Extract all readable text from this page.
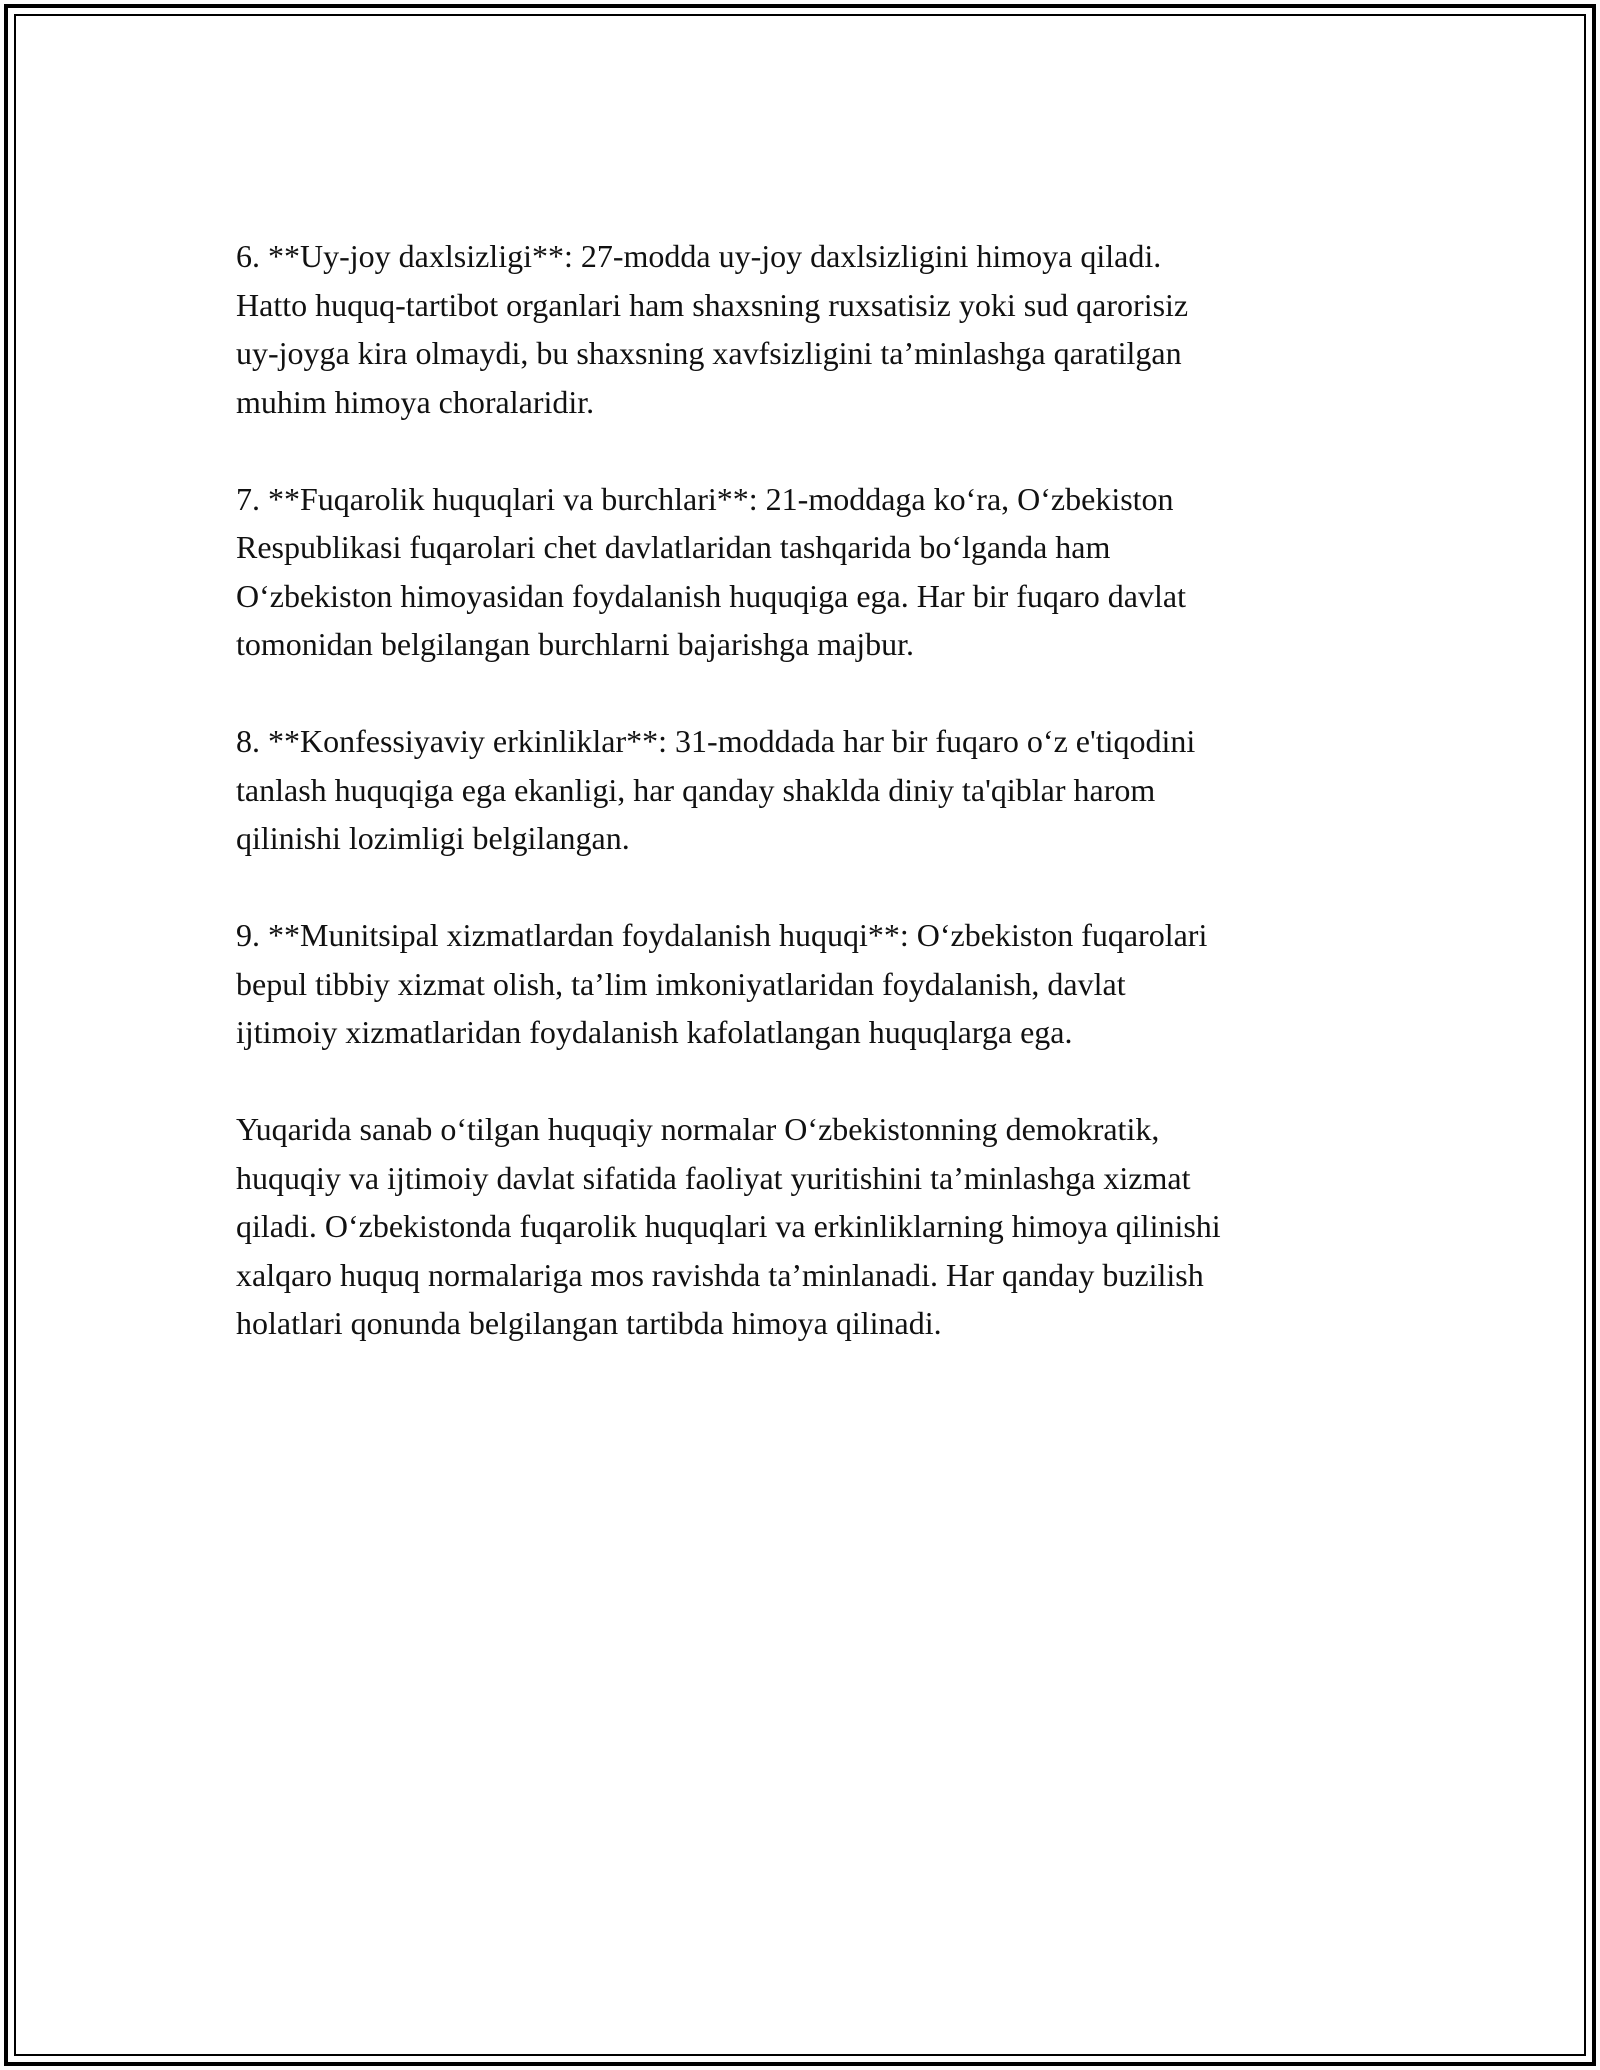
6. **Uy-joy daxlsizligi**: 27-modda uy-joy daxlsizligini himoya qiladi.
Hatto huquq-tartibot organlari ham shaxsning ruxsatisiz yoki sud qarorisiz
uy-joyga kira olmaydi, bu shaxsning xavfsizligini ta’minlashga qaratilgan
muhim himoya choralaridir.

7. **Fuqarolik huquqlari va burchlari**: 21-moddaga koʻra, Oʻzbekiston
Respublikasi fuqarolari chet davlatlaridan tashqarida boʻlganda ham
Oʻzbekiston himoyasidan foydalanish huquqiga ega. Har bir fuqaro davlat
tomonidan belgilangan burchlarni bajarishga majbur.

8. **Konfessiyaviy erkinliklar**: 31-moddada har bir fuqaro oʻz e'tiqodini
tanlash huquqiga ega ekanligi, har qanday shaklda diniy ta'qiblar harom
qilinishi lozimligi belgilangan.

9. **Munitsipal xizmatlardan foydalanish huquqi**: Oʻzbekiston fuqarolari
bepul tibbiy xizmat olish, ta’lim imkoniyatlaridan foydalanish, davlat
ijtimoiy xizmatlaridan foydalanish kafolatlangan huquqlarga ega.

Yuqarida sanab oʻtilgan huquqiy normalar Oʻzbekistonning demokratik,
huquqiy va ijtimoiy davlat sifatida faoliyat yuritishini ta’minlashga xizmat
qiladi. Oʻzbekistonda fuqarolik huquqlari va erkinliklarning himoya qilinishi
xalqaro huquq normalariga mos ravishda ta’minlanadi. Har qanday buzilish
holatlari qonunda belgilangan tartibda himoya qilinadi.
